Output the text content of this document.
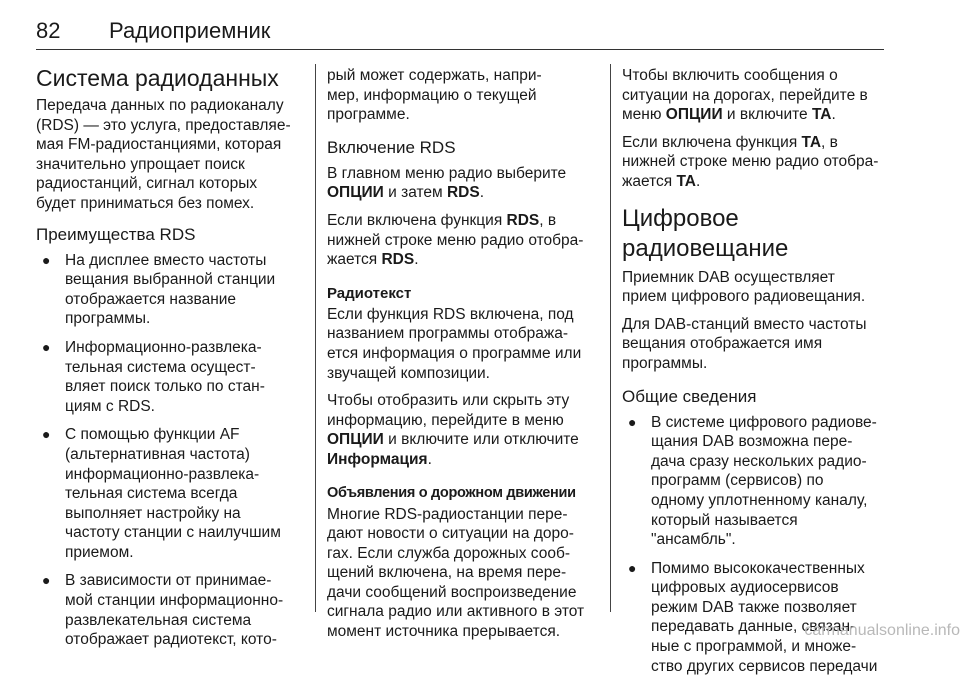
82 Радиоприемник
Система радиоданных

Передача данных по радиоканалу
(RDS) — это услуга, предоставляе-
мая FM-радиостанциями, которая
значительно упрощает поиск
радиостанций, сигнал которых
будет приниматься без помех.

Преимущества RDS
● На дисплее вместо частоты
вещания выбранной станции
отображается название
программы.
● Информационно-развлека-
тельная система осущест-
вляет поиск только по стан-
циям с RDS.
● С помощью функции AF
(альтернативная частота)
информационно-развлека-
тельная система всегда
выполняет настройку на
частоту станции с наилучшим
приемом.
● В зависимости от принимае-
мой станции информационно-
развлекательная система
отображает радиотекст, кото-

рый может содержать, напри-
мер, информацию о текущей
программе.

Включение RDS

В главном меню радио выберите
ОПЦИИ и затем RDS.

Если включена функция RDS, в
нижней строке меню радио отобра-
жается RDS.

Радиотекст

Если функция RDS включена, под
названием программы отобража-
ется информация о программе или
звучащей композиции.

Чтобы отобразить или скрыть эту
информацию, перейдите в меню
ОПЦИИ и включите или отключите
Информация.

Объявления о дорожном движении

Многие RDS-радиостанции пере-
дают новости о ситуации на доро-
гах. Если служба дорожных сооб-
щений включена, на время пере-
дачи сообщений воспроизведение
сигнала радио или активного в этот
момент источника прерывается.

Чтобы включить сообщения о
ситуации на дорогах, перейдите в
меню ОПЦИИ и включите TA.

Если включена функция TA, в
нижней строке меню радио отобра-
жается TA.

Цифровое радиовещание

Приемник DAB осуществляет
прием цифрового радиовещания.

Для DAB-станций вместо частоты
вещания отображается имя
программы.

Общие сведения
● В системе цифрового радиове-
щания DAB возможна пере-
дача сразу нескольких радио-
программ (сервисов) по
одному уплотненному каналу,
который называется
"ансамбль".
● Помимо высококачественных
цифровых аудиосервисов
режим DAB также позволяет
передавать данные, связан-
ные с программой, и множе-
ство других сервисов передачи
carmanualsonline.info
